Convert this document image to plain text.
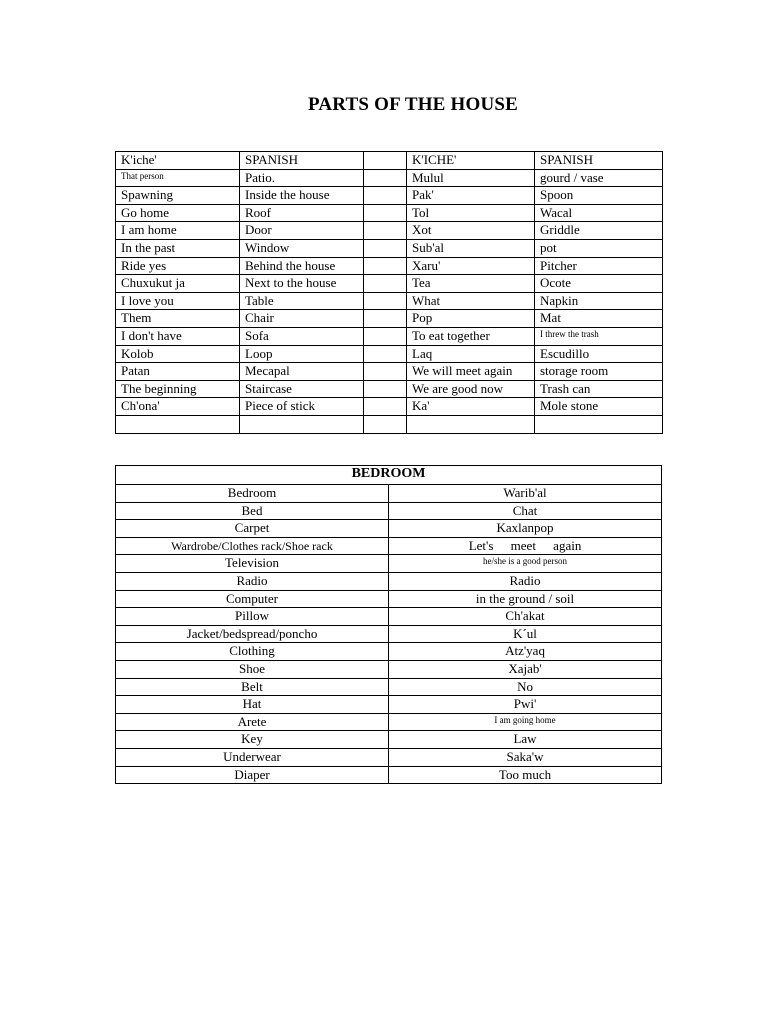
PARTS OF THE HOUSE
K'iche'	SPANISH		K'ICHE'	SPANISH
That person	Patio.		Mulul	gourd / vase
Spawning	Inside the house		Pak'	Spoon
Go home	Roof		Tol	Wacal
I am home	Door		Xot	Griddle
In the past	Window		Sub'al	pot
Ride yes	Behind the house		Xaru'	Pitcher
Chuxukut ja	Next to the house		Tea	Ocote
I love you	Table		What	Napkin
Them	Chair		Pop	Mat
I don't have	Sofa		To eat together	I threw the trash
Kolob	Loop		Laq	Escudillo
Patan	Mecapal		We will meet again	storage room
The beginning	Staircase		We are good now	Trash can
Ch'ona'	Piece of stick		Ka'	Mole stone

BEDROOM	
Bedroom	Warib'al
Bed	Chat
Carpet	Kaxlanpop
Wardrobe/Clothes rack/Shoe rack	Let's meet again
Television	he/she is a good person
Radio	Radio
Computer	in the ground / soil
Pillow	Ch'akat
Jacket/bedspread/poncho	K´ul
Clothing	Atz'yaq
Shoe	Xajab'
Belt	No
Hat	Pwi'
Arete	I am going home
Key	Law
Underwear	Saka'w
Diaper	Too much
